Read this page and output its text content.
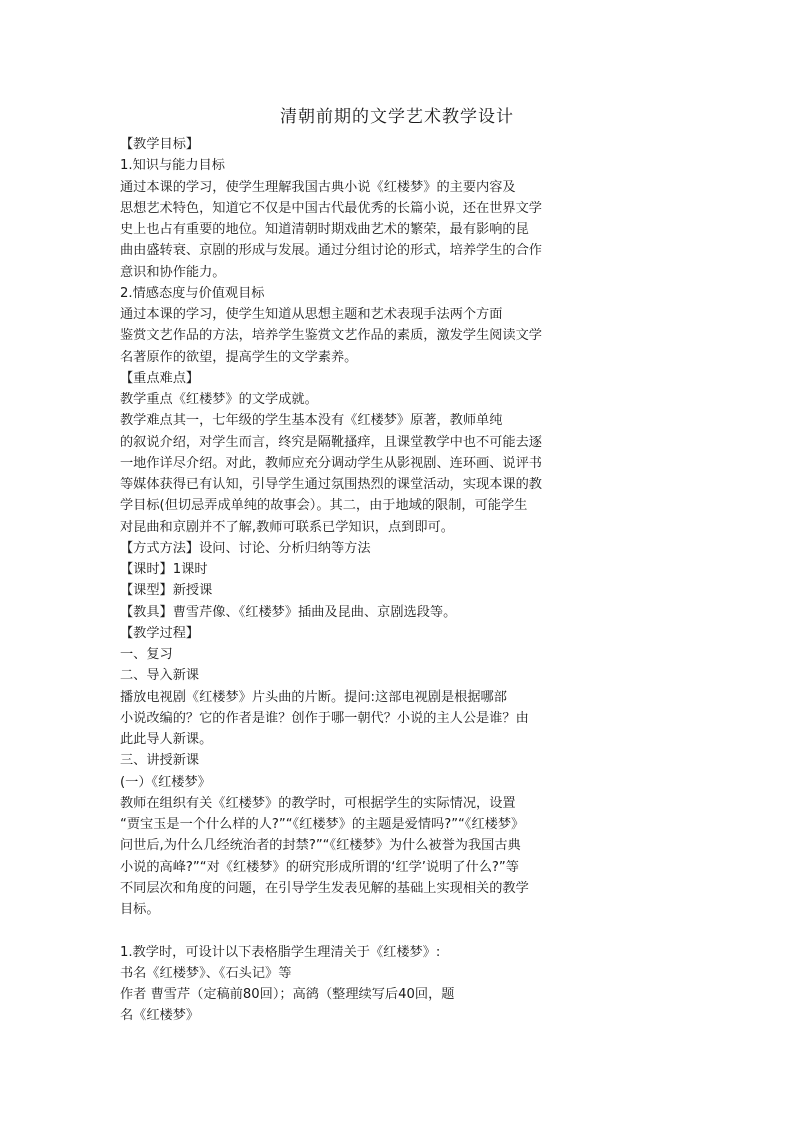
清朝前期的文学艺术教学设计
【教学目标】
1.知识与能力目标
通过本课的学习，使学生理解我国古典小说《红楼梦》的主要内容及
思想艺术特色，知道它不仅是中国古代最优秀的长篇小说，还在世界文学
史上也占有重要的地位。知道清朝时期戏曲艺术的繁荣，最有影响的昆
曲由盛转衰、京剧的形成与发展。通过分组讨论的形式，培养学生的合作
意识和协作能力。
2.情感态度与价值观目标
通过本课的学习，使学生知道从思想主题和艺术表现手法两个方面
鉴赏文艺作品的方法，培养学生鉴赏文艺作品的素质，激发学生阅读文学
名著原作的欲望，提高学生的文学素养。
【重点难点】
教学重点《红楼梦》的文学成就。
教学难点其一，七年级的学生基本没有《红楼梦》原著，教师单纯
的叙说介绍，对学生而言，终究是隔靴搔痒，且课堂教学中也不可能去逐
一地作详尽介绍。对此，教师应充分调动学生从影视剧、连环画、说评书
等媒体获得已有认知，引导学生通过氛围热烈的课堂活动，实现本课的教
学目标(但切忌弄成单纯的故事会）。其二，由于地域的限制，可能学生
对昆曲和京剧并不了解,教师可联系已学知识，点到即可。
【方式方法】设问、讨论、分析归纳等方法
【课时】1课时
【课型】新授课
【教具】曹雪芹像、《红楼梦》插曲及昆曲、京剧选段等。
【教学过程】
一、复习
二、导入新课
播放电视剧《红楼梦》片头曲的片断。提问:这部电视剧是根据哪部
小说改编的？它的作者是谁？创作于哪一朝代？小说的主人公是谁？由
此此导人新课。
三、讲授新课
(一）《红楼梦》
教师在组织有关《红楼梦》的教学时，可根据学生的实际情况，设置
“贾宝玉是一个什么样的人?”“《红楼梦》的主题是爱情吗?”“《红楼梦》
问世后,为什么几经统治者的封禁?”“《红楼梦》为什么被誉为我国古典
小说的高峰?”“对《红楼梦》的研究形成所谓的‘红学’说明了什么?”等
不同层次和角度的问题，在引导学生发表见解的基础上实现相关的教学
目标。
1.教学时，可设计以下表格脂学生理清关于《红楼梦》:
书名《红楼梦》、《石头记》等
作者 曹雪芹（定稿前80回）；高鹆（整理续写后40回，题
名《红楼梦》
